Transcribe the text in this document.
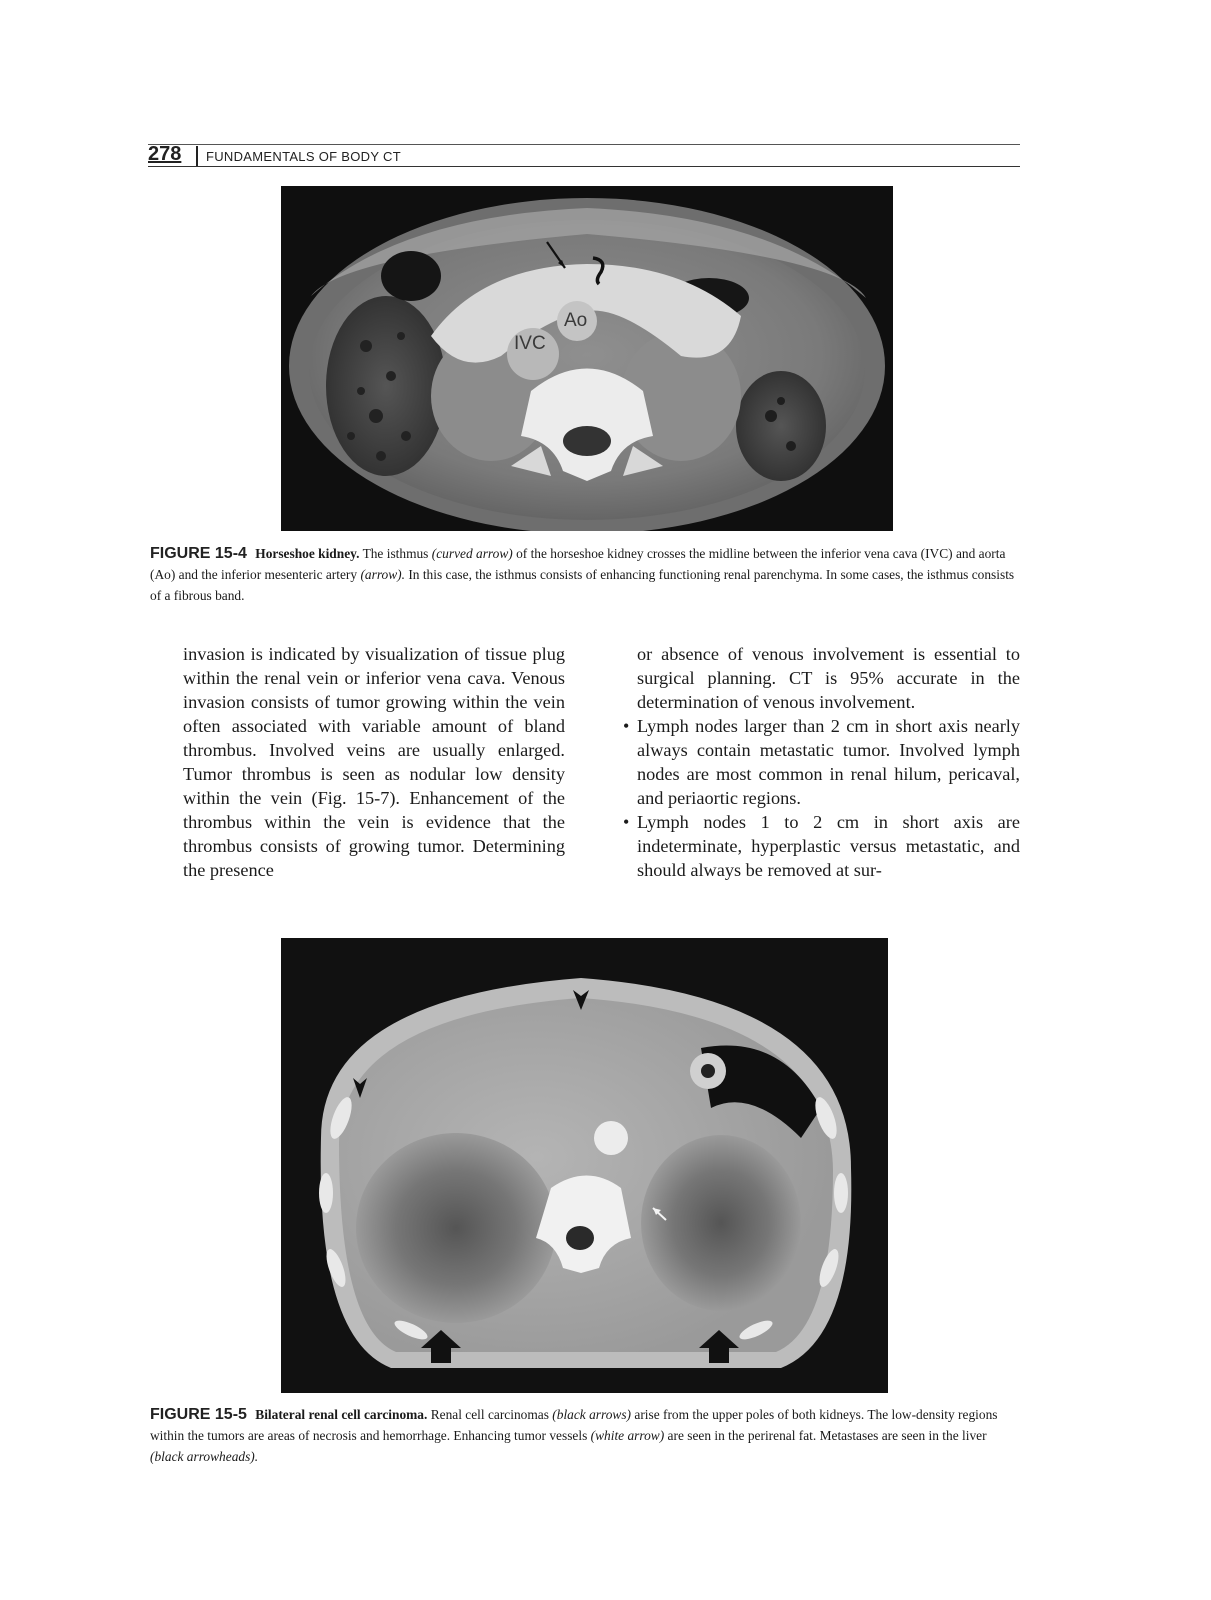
278 FUNDAMENTALS OF BODY CT
IVC
Ao
FIGURE 15-4 Horseshoe kidney. The isthmus (curved arrow) of the horseshoe kidney crosses the midline between the inferior vena cava (IVC) and aorta (Ao) and the inferior mesenteric artery (arrow). In this case, the isthmus consists of enhancing functioning renal parenchyma. In some cases, the isthmus consists of a fibrous band.

invasion is indicated by visualization of tissue plug within the renal vein or inferior vena cava. Venous invasion consists of tumor growing within the vein often associated with variable amount of bland thrombus. Involved veins are usually enlarged. Tumor thrombus is seen as nodular low density within the vein (Fig. 15-7). Enhancement of the thrombus within the vein is evidence that the thrombus consists of growing tumor. Determining the presence

or absence of venous involvement is essential to surgical planning. CT is 95% accurate in the determination of venous involvement.

• Lymph nodes larger than 2 cm in short axis nearly always contain metastatic tumor. Involved lymph nodes are most common in renal hilum, pericaval, and periaortic regions.
• Lymph nodes 1 to 2 cm in short axis are indeterminate, hyperplastic versus metastatic, and should always be removed at sur-
FIGURE 15-5 Bilateral renal cell carcinoma. Renal cell carcinomas (black arrows) arise from the upper poles of both kidneys. The low-density regions within the tumors are areas of necrosis and hemorrhage. Enhancing tumor vessels (white arrow) are seen in the perirenal fat. Metastases are seen in the liver (black arrowheads).
